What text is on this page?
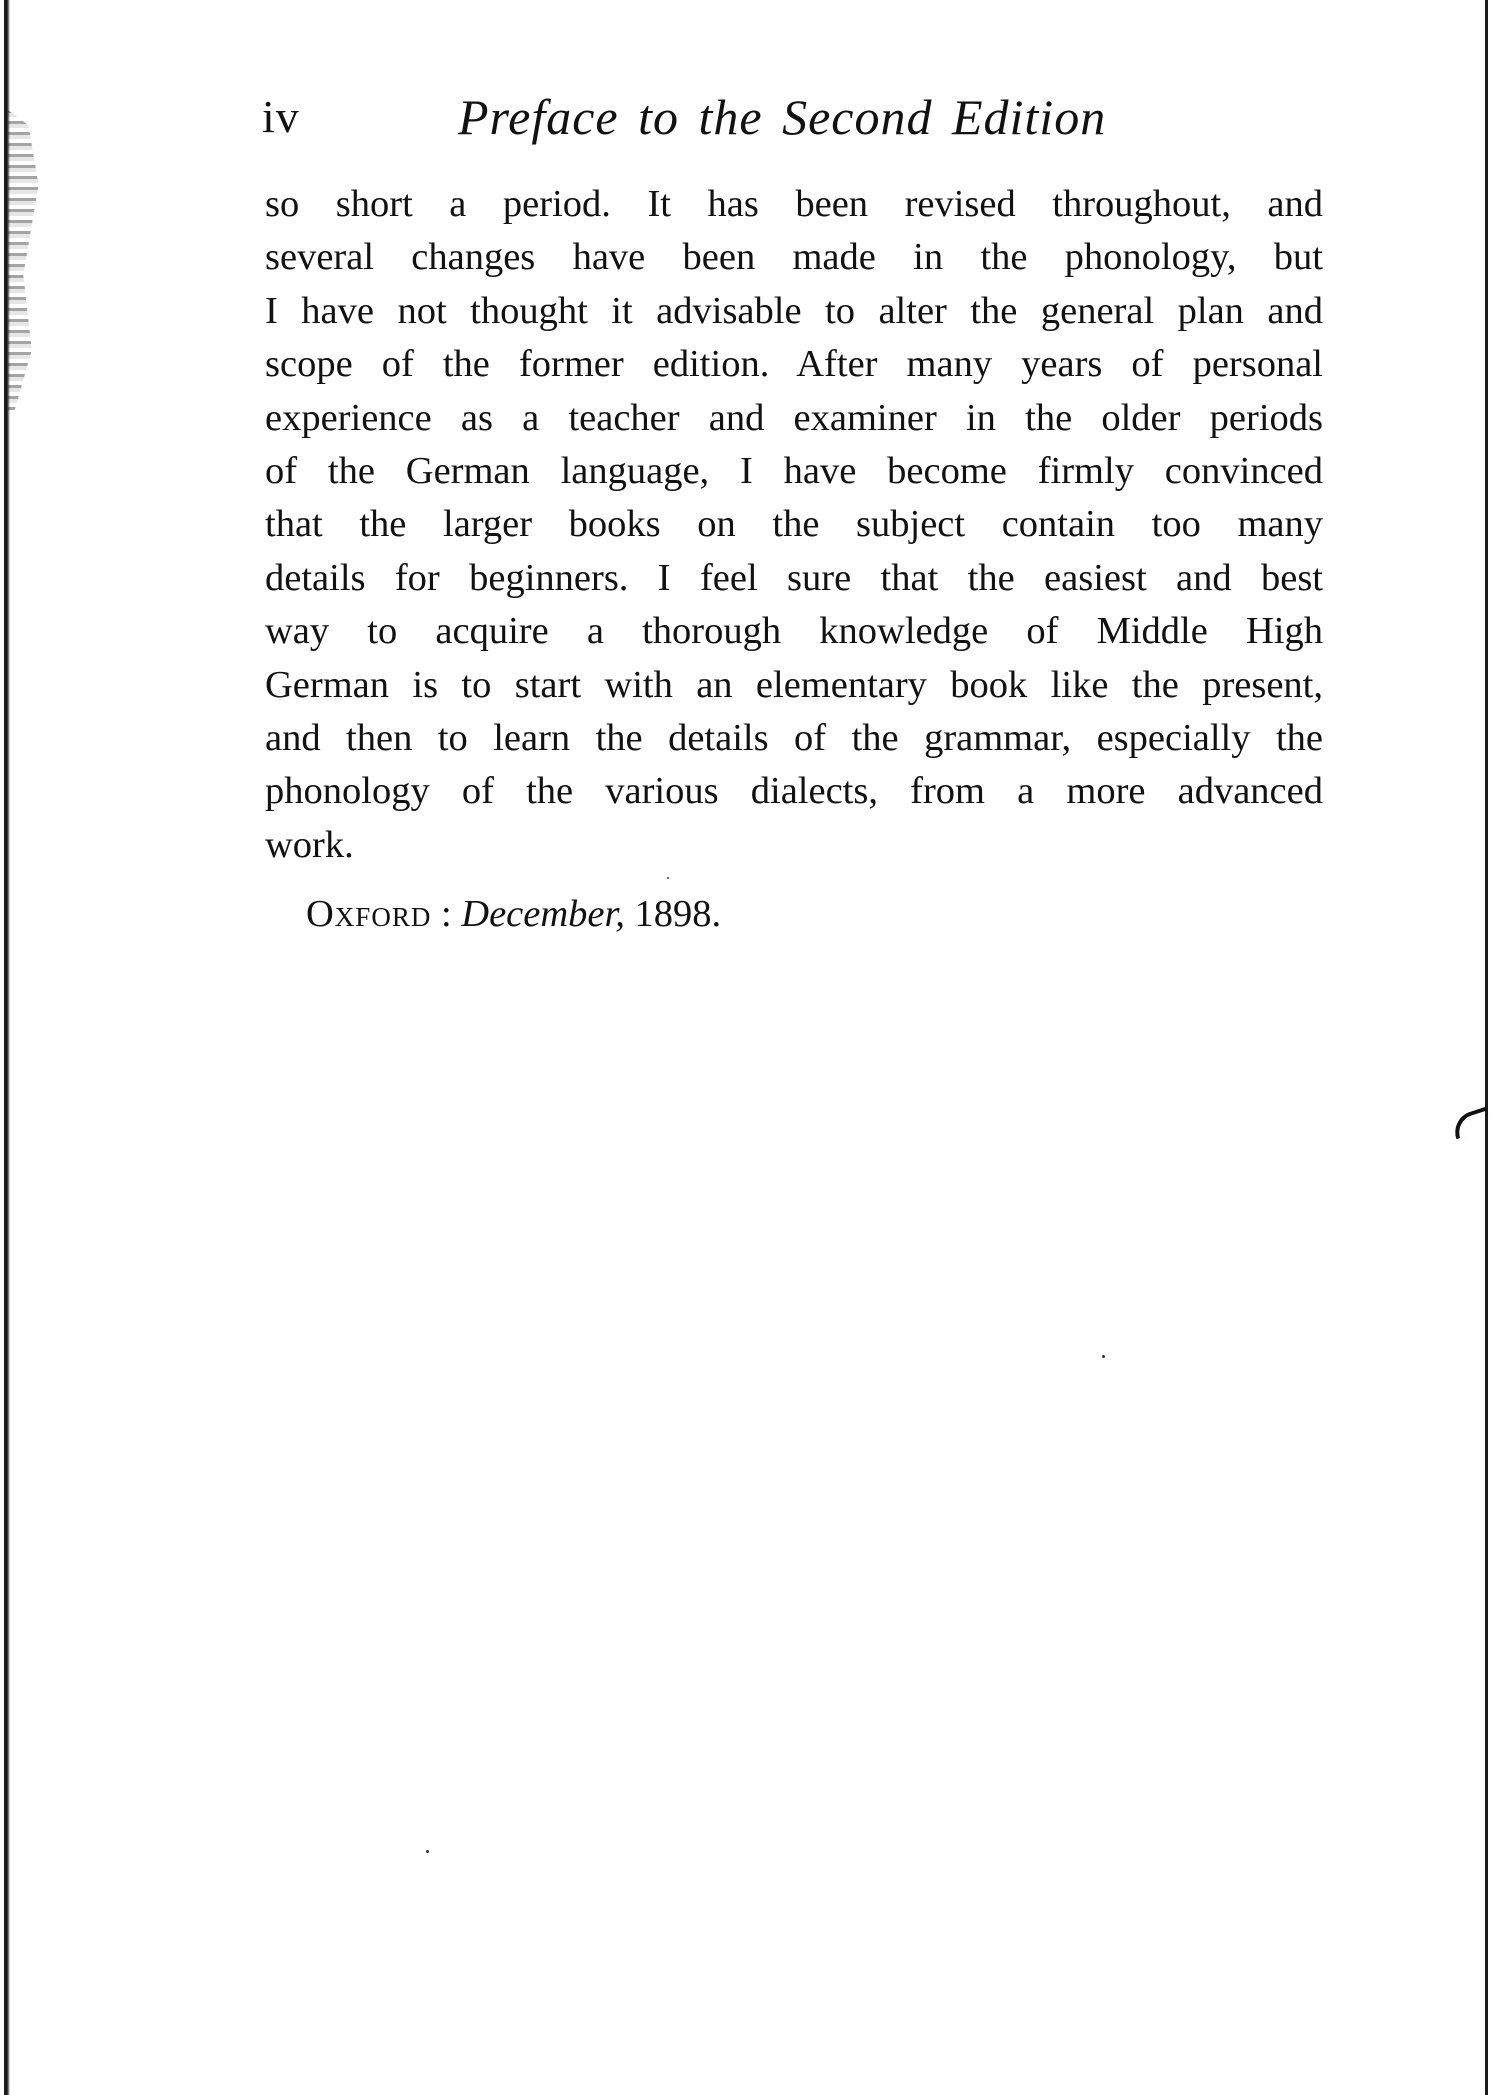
iv	Preface to the Second Edition
so short a period. It has been revised throughout, and
several changes have been made in the phonology, but
I have not thought it advisable to alter the general plan and
scope of the former edition. After many years of personal
experience as a teacher and examiner in the older periods
of the German language, I have become firmly convinced
that the larger books on the subject contain too many
details for beginners. I feel sure that the easiest and best
way to acquire a thorough knowledge of Middle High
German is to start with an elementary book like the present,
and then to learn the details of the grammar, especially the
phonology of the various dialects, from a more advanced
work.
Oxford : December, 1898.
